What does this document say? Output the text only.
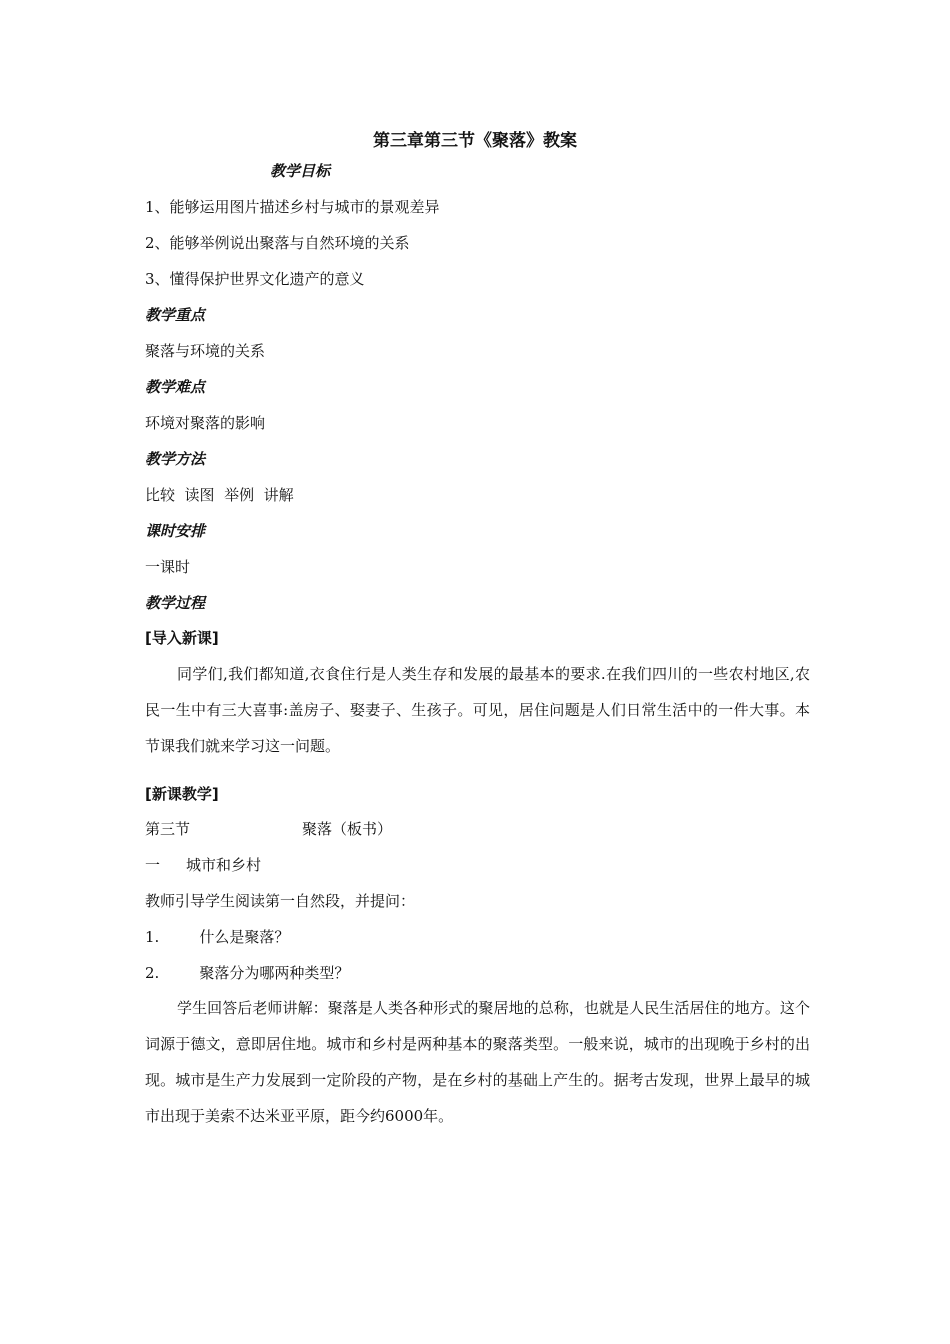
第三章第三节《聚落》教案
教学目标
1、能够运用图片描述乡村与城市的景观差异
2、能够举例说出聚落与自然环境的关系
3、懂得保护世界文化遗产的意义
教学重点
聚落与环境的关系
教学难点
环境对聚落的影响
教学方法
比较  读图  举例  讲解
课时安排
一课时
教学过程
[导入新课]
同学们,我们都知道,衣食住行是人类生存和发展的最基本的要求.在我们四川的一些农村地区,农民一生中有三大喜事:盖房子、娶妻子、生孩子。可见，居住问题是人们日常生活中的一件大事。本节课我们就来学习这一问题。
[新课教学]
第三节	聚落（板书）
一 城市和乡村
教师引导学生阅读第一自然段，并提问：
1.	什么是聚落？
2.	聚落分为哪两种类型？
学生回答后老师讲解：聚落是人类各种形式的聚居地的总称，也就是人民生活居住的地方。这个词源于德文，意即居住地。城市和乡村是两种基本的聚落类型。一般来说，城市的出现晚于乡村的出现。城市是生产力发展到一定阶段的产物，是在乡村的基础上产生的。据考古发现，世界上最早的城市出现于美索不达米亚平原，距今约6000年。
